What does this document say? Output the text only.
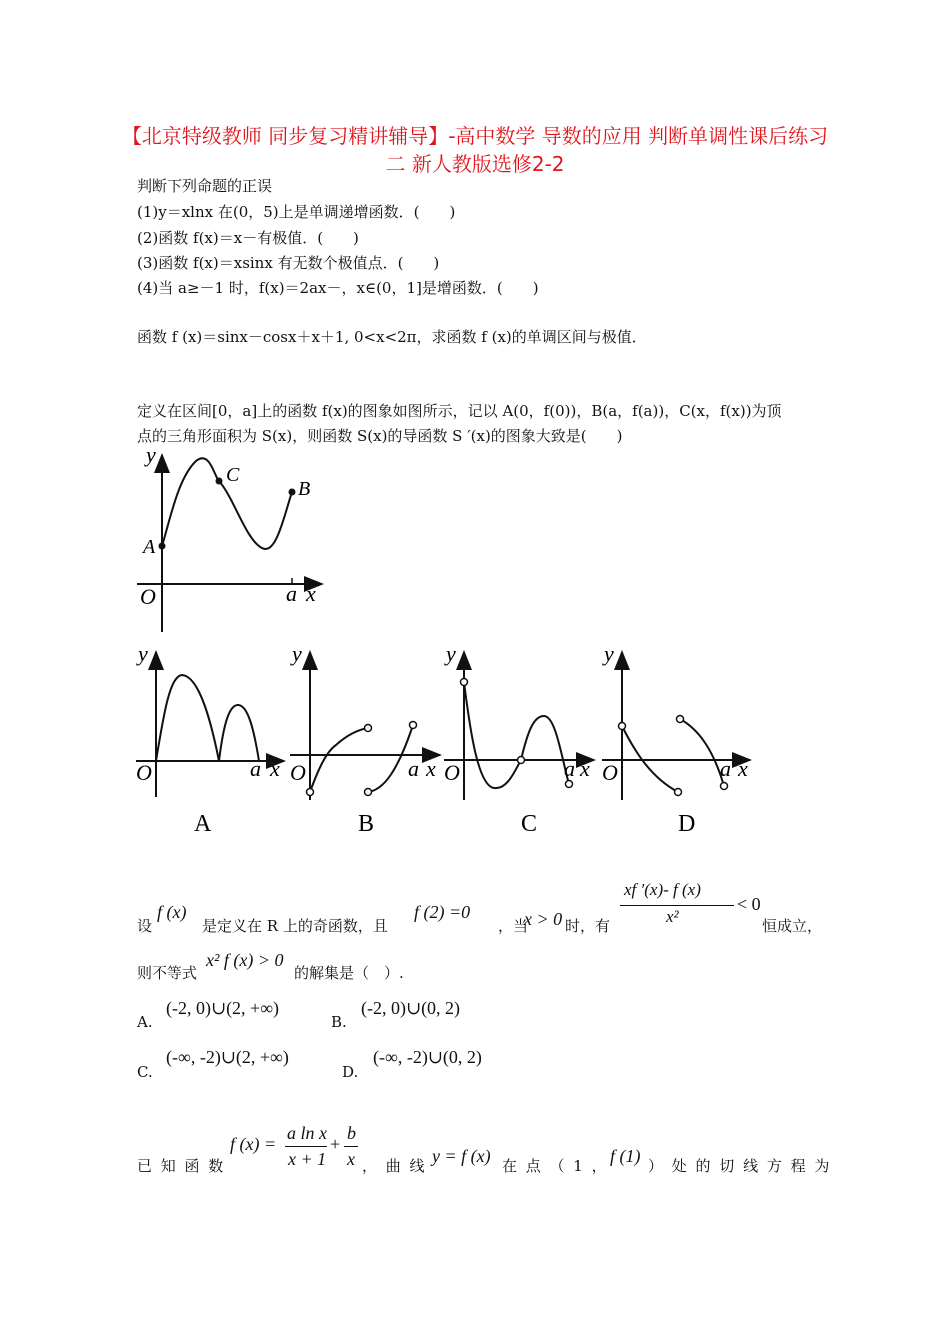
【北京特级教师 同步复习精讲辅导】-高中数学 导数的应用 判断单调性课后练习二 新人教版选修2-2
判断下列命题的正误
(1)y＝xlnx 在(0，5)上是单调递增函数．(　　)
(2)函数 f(x)＝x－有极值．(　　)
(3)函数 f(x)＝xsinx 有无数个极值点．(　　)
(4)当 a≥－1 时，f(x)＝2ax－，x∈(0，1]是增函数．(　　)
函数 f (x)＝sinx－cosx＋x＋1, 0<x<2π，求函数 f (x)的单调区间与极值．
定义在区间[0，a]上的函数 f(x)的图象如图所示，记以 A(0，f(0))，B(a，f(a))，C(x，f(x))为顶
点的三角形面积为 S(x)，则函数 S(x)的导函数 S ′(x)的图象大致是(　　)
y
O	a x
A
C
B
y
O	a x
y
O	a x
y
O	a x
y
O	a x
A	B	C	D
设
f (x)
是定义在 R 上的奇函数，且
f (2) =0
，当
x > 0 时，有
xf ′(x)- f (x)
x²
< 0
恒成立，
则不等式
x² f (x) > 0
的解集是（　）.
A.
(-2, 0)∪(2, +∞)
B.
(-2, 0)∪(0, 2)
C.
(-∞, -2)∪(2, +∞)
D.
(-∞, -2)∪(0, 2)
已 知 函 数
f (x) =
a ln x
x + 1
+
b
x ， 曲 线 y = f (x) 在 点 （ 1 ， f (1) ） 处 的 切 线 方 程 为
